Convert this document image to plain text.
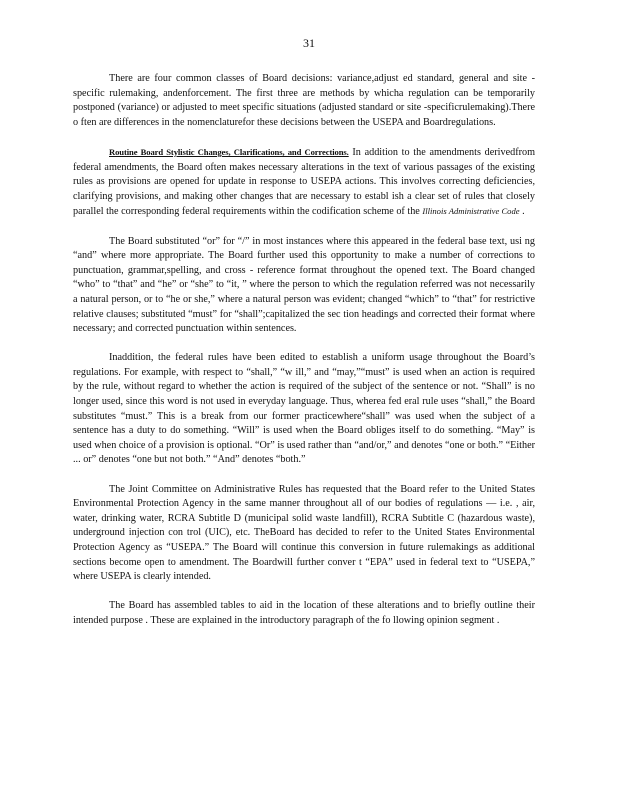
31

There are four common classes of Board decisions: variance,adjust ed standard, general and site - specific rulemaking, andenforcement. The first three are methods by whicha regulation can be temporarily postponed (variance) or adjusted to meet specific situations (adjusted standard or site -specificrulemaking).There o ften are differences in the nomenclaturefor these decisions between the USEPA and Boardregulations.

Routine Board Stylistic Changes, Clarifications, and Corrections. In addition to the amendments derivedfrom federal amendments, the Board often makes necessary alterations in the text of various passages of the existing rules as provisions are opened for update in response to USEPA actions. This involves correcting deficiencies, clarifying provisions, and making other changes that are necessary to establ ish a clear set of rules that closely parallel the corresponding federal requirements within the codification scheme of the Illinois Administrative Code .

The Board substituted “or” for “/” in most instances where this appeared in the federal base text, usi ng “and” where more appropriate. The Board further used this opportunity to make a number of corrections to punctuation, grammar,spelling, and cross - reference format throughout the opened text. The Board changed “who” to “that” and “he” or “she” to “it, ” where the person to which the regulation referred was not necessarily a natural person, or to “he or she,” where a natural person was evident; changed “which” to “that” for restrictive relative clauses; substituted “must” for “shall”;capitalized the sec tion headings and corrected their format where necessary; and corrected punctuation within sentences.

Inaddition, the federal rules have been edited to establish a uniform usage throughout the Board’s regulations. For example, with respect to “shall,” “w ill,” and “may,”“must” is used when an action is required by the rule, without regard to whether the action is required of the subject of the sentence or not. “Shall” is no longer used, since this word is not used in everyday language. Thus, wherea fed eral rule uses “shall,” the Board substitutes “must.” This is a break from our former practicewhere“shall” was used when the subject of a sentence has a duty to do something. “Will” is used when the Board obliges itself to do something. “May” is used when choice of a provision is optional. “Or” is used rather than “and/or,” and denotes “one or both.” “Either ... or” denotes “one but not both.” “And” denotes “both.”

The Joint Committee on Administrative Rules has requested that the Board refer to the United States Environmental Protection Agency in the same manner throughout all of our bodies of regulations — i.e. , air, water, drinking water, RCRA Subtitle D (municipal solid waste landfill), RCRA Subtitle C (hazardous waste), underground injection con trol (UIC), etc. TheBoard has decided to refer to the United States Environmental Protection Agency as “USEPA.” The Board will continue this conversion in future rulemakings as additional sections become open to amendment. The Boardwill further conver t “EPA” used in federal text to “USEPA,” where USEPA is clearly intended.

The Board has assembled tables to aid in the location of these alterations and to briefly outline their intended purpose . These are explained in the introductory paragraph of the fo llowing opinion segment .
